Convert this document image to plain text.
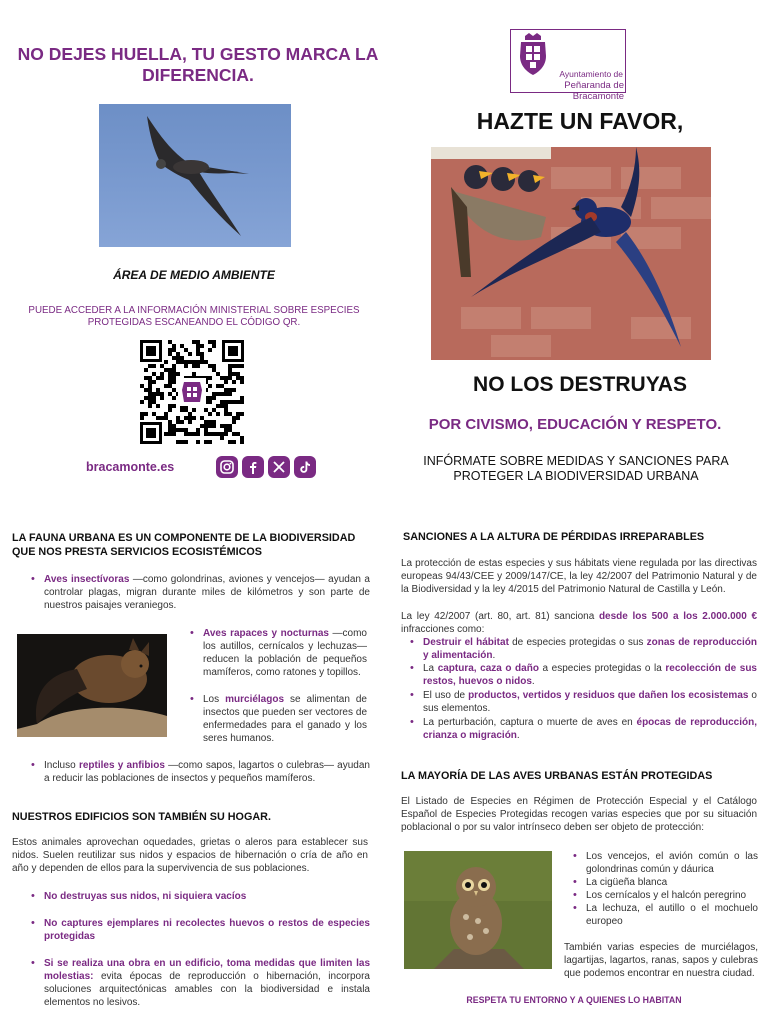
NO DEJES HUELLA, TU GESTO MARCA LA DIFERENCIA.
ÁREA DE MEDIO AMBIENTE
PUEDE ACCEDER A LA INFORMACIÓN MINISTERIAL SOBRE ESPECIES PROTEGIDAS ESCANEANDO EL CÓDIGO QR.
bracamonte.es
Ayuntamiento de
Peñaranda de Bracamonte
HAZTE UN FAVOR,
NO LOS DESTRUYAS
POR CIVISMO, EDUCACIÓN Y RESPETO.
INFÓRMATE SOBRE MEDIDAS Y SANCIONES PARA PROTEGER LA BIODIVERSIDAD URBANA
LA FAUNA URBANA ES UN COMPONENTE DE LA BIODIVERSIDAD QUE NOS PRESTA SERVICIOS ECOSISTÉMICOS
• Aves insectívoras —como golondrinas, aviones y vencejos— ayudan a controlar plagas, migran durante miles de kilómetros y son parte de nuestros paisajes veraniegos.
• Aves rapaces y nocturnas —como los autillos, cernícalos y lechuzas— reducen la población de pequeños mamíferos, como ratones y topillos.
• Los murciélagos se alimentan de insectos que pueden ser vectores de enfermedades para el ganado y los seres humanos.
• Incluso reptiles y anfibios —como sapos, lagartos o culebras— ayudan a reducir las poblaciones de insectos y pequeños mamíferos.
NUESTROS EDIFICIOS SON TAMBIÉN SU HOGAR.
Estos animales aprovechan oquedades, grietas o aleros para establecer sus nidos. Suelen reutilizar sus nidos y espacios de hibernación o cría de año en año y dependen de ellos para la supervivencia de sus poblaciones.
• No destruyas sus nidos, ni siquiera vacíos
• No captures ejemplares ni recolectes huevos o restos de especies protegidas
• Si se realiza una obra en un edificio, toma medidas que limiten las molestias: evita épocas de reproducción o hibernación, incorpora soluciones arquitectónicas amables con la biodiversidad e instala elementos no lesivos.
SANCIONES A LA ALTURA DE PÉRDIDAS IRREPARABLES
La protección de estas especies y sus hábitats viene regulada por las directivas europeas 94/43/CEE y 2009/147/CE, la ley 42/2007 del Patrimonio Natural y de la Biodiversidad y la ley 4/2015 del Patrimonio Natural de Castilla y León.
La ley 42/2007 (art. 80, art. 81) sanciona desde los 500 a los 2.000.000 € infracciones como:
• Destruir el hábitat de especies protegidas o sus zonas de reproducción y alimentación.
• La captura, caza o daño a especies protegidas o la recolección de sus restos, huevos o nidos.
• El uso de productos, vertidos y residuos que dañen los ecosistemas o sus elementos.
• La perturbación, captura o muerte de aves en épocas de reproducción, crianza o migración.
LA MAYORÍA DE LAS AVES URBANAS ESTÁN PROTEGIDAS
El Listado de Especies en Régimen de Protección Especial y el Catálogo Español de Especies Protegidas recogen varias especies que por su situación poblacional o por su valor intrínseco deben ser objeto de protección:
• Los vencejos, el avión común o las golondrinas común y dáurica
• La cigüeña blanca
• Los cernícalos y el halcón peregrino
• La lechuza, el autillo o el mochuelo europeo
También varias especies de murciélagos, lagartijas, lagartos, ranas, sapos y culebras que podemos encontrar en nuestra ciudad.
RESPETA TU ENTORNO Y A QUIENES LO HABITAN
